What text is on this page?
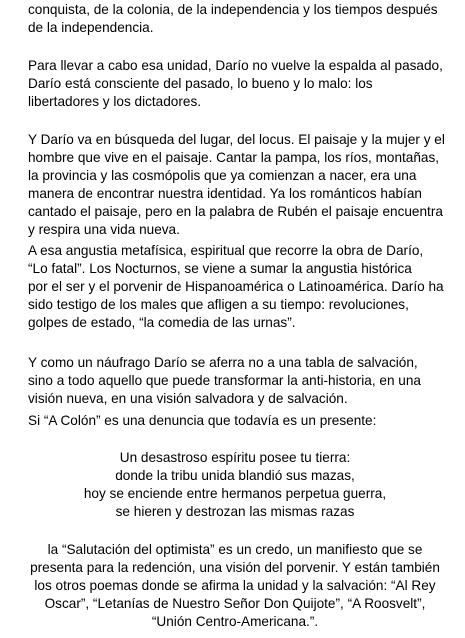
conquista, de la colonia, de la independencia y los tiempos después
de la independencia.
Para llevar a cabo esa unidad, Darío no vuelve la espalda al pasado,
Darío está consciente del pasado, lo bueno y lo malo: los
libertadores y los dictadores.
Y Darío va en búsqueda del lugar, del locus. El paisaje y la mujer y el
hombre que vive en el paisaje. Cantar la pampa, los ríos, montañas,
la provincia y las cosmópolis que ya comienzan a nacer, era una
manera de encontrar nuestra identidad. Ya los románticos habían
cantado el paisaje, pero en la palabra de Rubén el paisaje encuentra
y respira una vida nueva.
A esa angustia metafísica, espiritual que recorre la obra de Darío,
“Lo fatal”. Los Nocturnos, se viene a sumar la angustia histórica
por el ser y el porvenir de Hispanoamérica o Latinoamérica. Darío ha
sido testigo de los males que afligen a su tiempo: revoluciones,
golpes de estado, “la comedia de las urnas”.
Y como un náufrago Darío se aferra no a una tabla de salvación,
sino a todo aquello que puede transformar la anti-historia, en una
visión nueva, en una visión salvadora y de salvación.
Si “A Colón” es una denuncia que todavía es un presente:
Un desastroso espíritu posee tu tierra:
donde la tribu unida blandió sus mazas,
hoy se enciende entre hermanos perpetua guerra,
se hieren y destrozan las mismas razas
la “Salutación del optimista” es un credo, un manifiesto que se
presenta para la redención, una visión del porvenir. Y están también
los otros poemas donde se afirma la unidad y la salvación: “Al Rey
Oscar”, “Letanías de Nuestro Señor Don Quijote”, “A Roosvelt”,
“Unión Centro-Americana.”.
